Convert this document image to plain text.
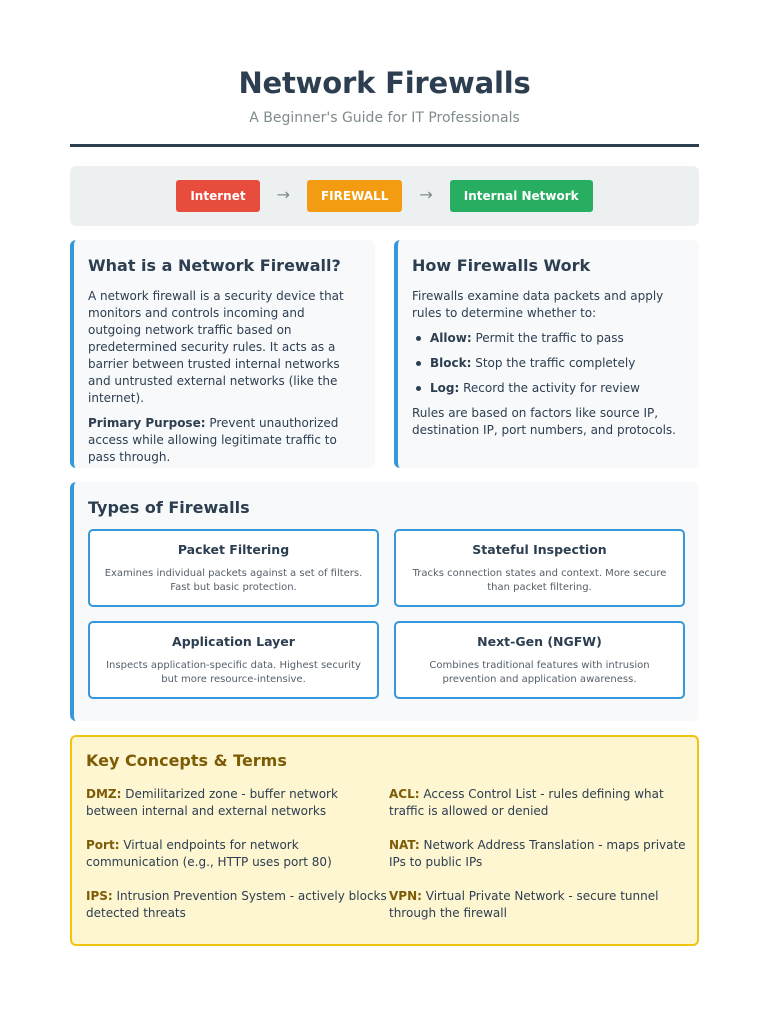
Network Firewalls
A Beginner's Guide for IT Professionals
Internet	→	FIREWALL	→	Internal Network
What is a Network Firewall?

A network firewall is a security device that monitors and controls incoming and outgoing network traffic based on predetermined security rules. It acts as a barrier between trusted internal networks and untrusted external networks (like the internet).

Primary Purpose: Prevent unauthorized access while allowing legitimate traffic to pass through.

How Firewalls Work

Firewalls examine data packets and apply rules to determine whether to:

Allow: Permit the traffic to pass
Block: Stop the traffic completely
Log: Record the activity for review

Rules are based on factors like source IP, destination IP, port numbers, and protocols.

Types of Firewalls
Packet Filtering

Examines individual packets against a set of filters. Fast but basic protection.

Stateful Inspection

Tracks connection states and context. More secure than packet filtering.

Application Layer

Inspects application-specific data. Highest security but more resource-intensive.

Next-Gen (NGFW)

Combines traditional features with intrusion prevention and application awareness.

Key Concepts & Terms
DMZ: Demilitarized zone - buffer network between internal and external networks
ACL: Access Control List - rules defining what traffic is allowed or denied
Port: Virtual endpoints for network communication (e.g., HTTP uses port 80)
NAT: Network Address Translation - maps private IPs to public IPs
IPS: Intrusion Prevention System - actively blocks detected threats
VPN: Virtual Private Network - secure tunnel through the firewall
